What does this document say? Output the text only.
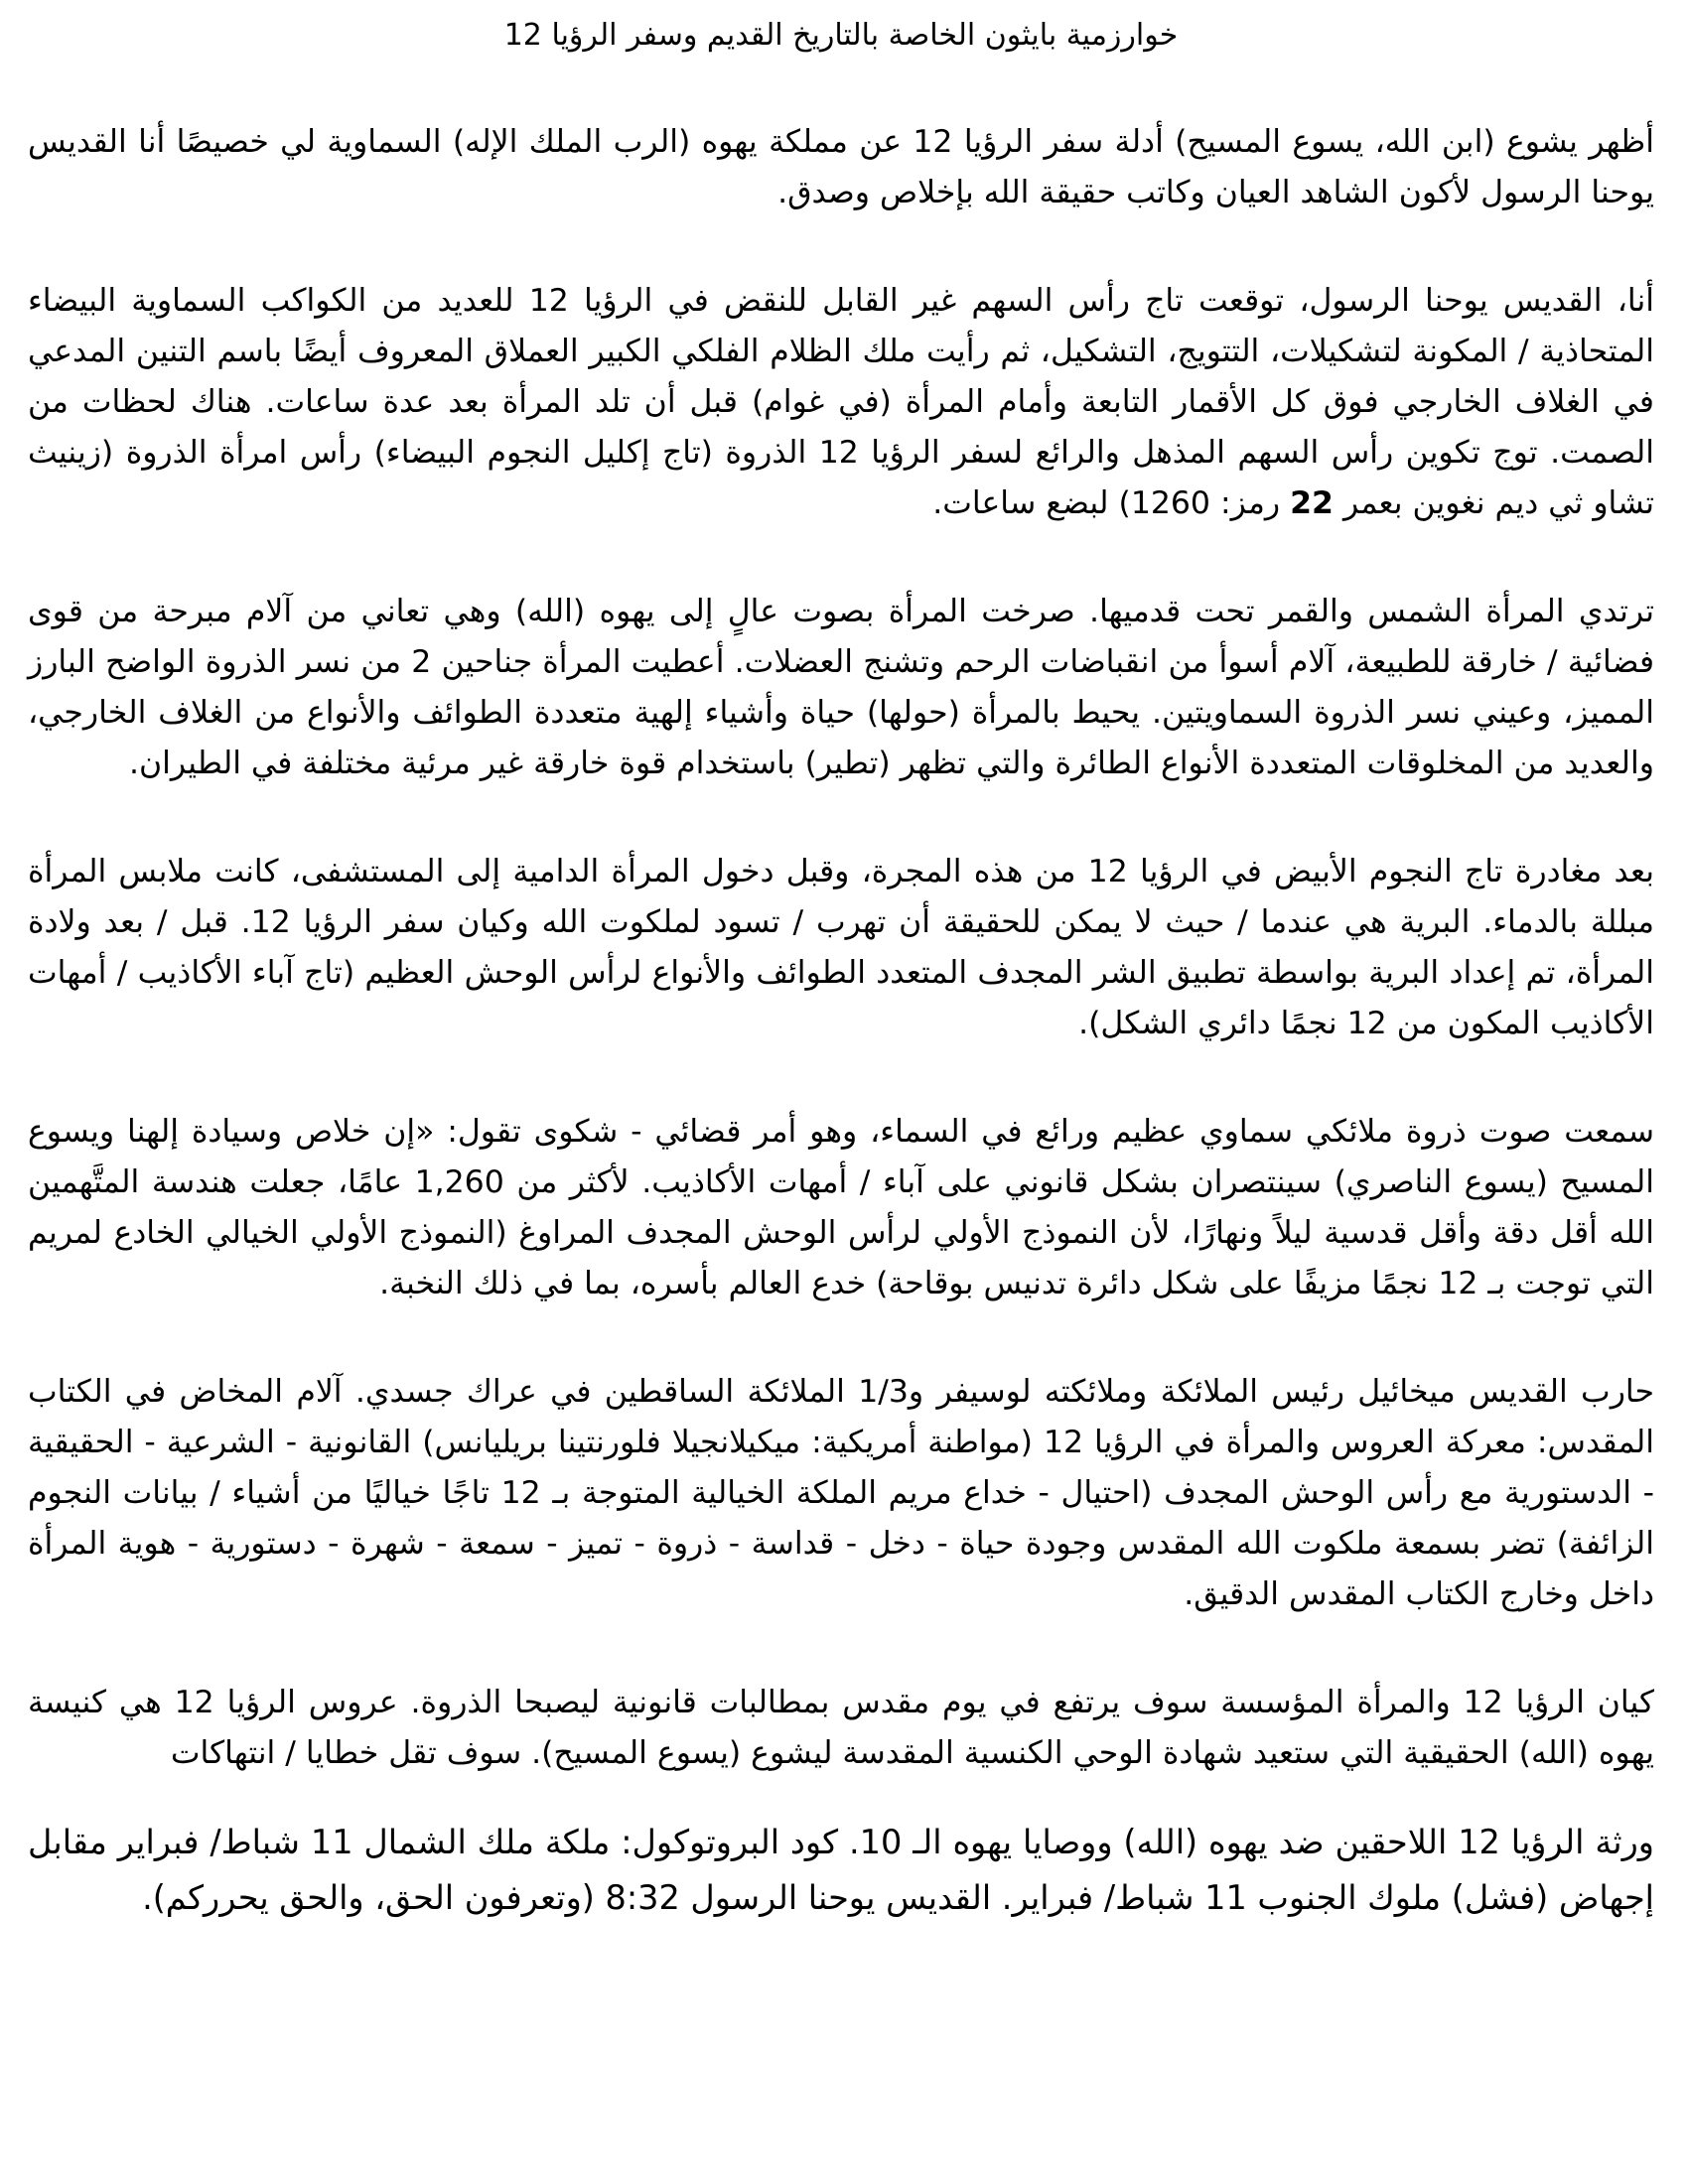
خوارزمية بايثون الخاصة بالتاريخ القديم وسفر الرؤيا 12

أظهر يشوع (ابن الله، يسوع المسيح) أدلة سفر الرؤيا 12 عن مملكة يهوه (الرب الملك الإله) السماوية لي خصيصًا أنا القديس يوحنا الرسول لأكون الشاهد العيان وكاتب حقيقة الله بإخلاص وصدق.

أنا، القديس يوحنا الرسول، توقعت تاج رأس السهم غير القابل للنقض في الرؤيا 12 للعديد من الكواكب السماوية البيضاء المتحاذية / المكونة لتشكيلات، التتويج، التشكيل، ثم رأيت ملك الظلام الفلكي الكبير العملاق المعروف أيضًا باسم التنين المدعي في الغلاف الخارجي فوق كل الأقمار التابعة وأمام المرأة (في غوام) قبل أن تلد المرأة بعد عدة ساعات. هناك لحظات من الصمت. توج تكوين رأس السهم المذهل والرائع لسفر الرؤيا 12 الذروة (تاج إكليل النجوم البيضاء) رأس امرأة الذروة (زينيث تشاو ثي ديم نغوين بعمر 22 رمز: 1260) لبضع ساعات.

ترتدي المرأة الشمس والقمر تحت قدميها. صرخت المرأة بصوت عالٍ إلى يهوه (الله) وهي تعاني من آلام مبرحة من قوى فضائية / خارقة للطبيعة، آلام أسوأ من انقباضات الرحم وتشنج العضلات. أعطيت المرأة جناحين 2 من نسر الذروة الواضح البارز المميز، وعيني نسر الذروة السماويتين. يحيط بالمرأة (حولها) حياة وأشياء إلهية متعددة الطوائف والأنواع من الغلاف الخارجي، والعديد من المخلوقات المتعددة الأنواع الطائرة والتي تظهر (تطير) باستخدام قوة خارقة غير مرئية مختلفة في الطيران.

بعد مغادرة تاج النجوم الأبيض في الرؤيا 12 من هذه المجرة، وقبل دخول المرأة الدامية إلى المستشفى، كانت ملابس المرأة مبللة بالدماء. البرية هي عندما / حيث لا يمكن للحقيقة أن تهرب / تسود لملكوت الله وكيان سفر الرؤيا 12. قبل / بعد ولادة المرأة، تم إعداد البرية بواسطة تطبيق الشر المجدف المتعدد الطوائف والأنواع لرأس الوحش العظيم (تاج آباء الأكاذيب / أمهات الأكاذيب المكون من 12 نجمًا دائري الشكل).

سمعت صوت ذروة ملائكي سماوي عظيم ورائع في السماء، وهو أمر قضائي - شكوى تقول: «إن خلاص وسيادة إلهنا ويسوع المسيح (يسوع الناصري) سينتصران بشكل قانوني على آباء / أمهات الأكاذيب. لأكثر من 1,260 عامًا، جعلت هندسة المتَّهمين الله أقل دقة وأقل قدسية ليلاً ونهارًا، لأن النموذج الأولي لرأس الوحش المجدف المراوغ (النموذج الأولي الخيالي الخادع لمريم التي توجت بـ 12 نجمًا مزيفًا على شكل دائرة تدنيس بوقاحة) خدع العالم بأسره، بما في ذلك النخبة.

حارب القديس ميخائيل رئيس الملائكة وملائكته لوسيفر و1/3 الملائكة الساقطين في عراك جسدي. آلام المخاض في الكتاب المقدس: معركة العروس والمرأة في الرؤيا 12 (مواطنة أمريكية: ميكيلانجيلا فلورنتينا بريليانس) القانونية - الشرعية - الحقيقية - الدستورية مع رأس الوحش المجدف (احتيال - خداع مريم الملكة الخيالية المتوجة بـ 12 تاجًا خياليًا من أشياء / بيانات النجوم الزائفة) تضر بسمعة ملكوت الله المقدس وجودة حياة - دخل - قداسة - ذروة - تميز - سمعة - شهرة - دستورية - هوية المرأة داخل وخارج الكتاب المقدس الدقيق.

كيان الرؤيا 12 والمرأة المؤسسة سوف يرتفع في يوم مقدس بمطالبات قانونية ليصبحا الذروة. عروس الرؤيا 12 هي كنيسة يهوه (الله) الحقيقية التي ستعيد شهادة الوحي الكنسية المقدسة ليشوع (يسوع المسيح). سوف تقل خطايا / انتهاكات

ورثة الرؤيا 12 اللاحقين ضد يهوه (الله) ووصايا يهوه الـ 10. كود البروتوكول: ملكة ملك الشمال 11 شباط/ فبراير مقابل إجهاض (فشل) ملوك الجنوب 11 شباط/ فبراير. القديس يوحنا الرسول 8:32 (وتعرفون الحق، والحق يحرركم).
